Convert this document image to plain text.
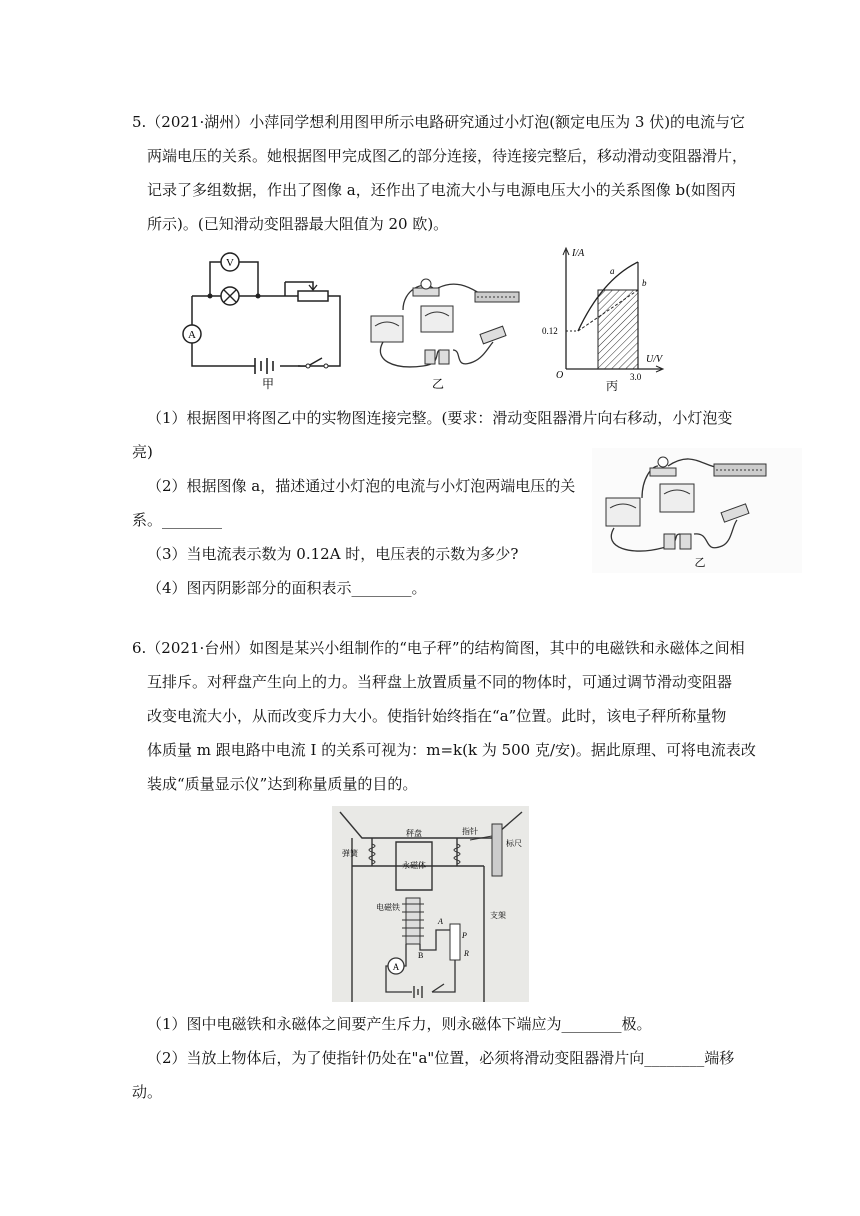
5.（2021·湖州）小萍同学想利用图甲所示电路研究通过小灯泡(额定电压为 3 伏)的电流与它
两端电压的关系。她根据图甲完成图乙的部分连接，待连接完整后，移动滑动变阻器滑片，
记录了多组数据，作出了图像 a，还作出了电流大小与电源电压大小的关系图像 b(如图丙
所示)。(已知滑动变阻器最大阻值为 20 欧)。
V
A
甲	乙
I/A
U/V
O
0.12
3.0
a
b
丙
（1）根据图甲将图乙中的实物图连接完整。(要求：滑动变阻器滑片向右移动，小灯泡变
亮)
（2）根据图像 a，描述通过小灯泡的电流与小灯泡两端电压的关
系。________
（3）当电流表示数为 0.12A 时，电压表的示数为多少?
（4）图丙阴影部分的面积表示________。
乙
6.（2021·台州）如图是某兴小组制作的“电子秤”的结构简图，其中的电磁铁和永磁体之间相
互排斥。对秤盘产生向上的力。当秤盘上放置质量不同的物体时，可通过调节滑动变阻器
改变电流大小，从而改变斥力大小。使指针始终指在“a”位置。此时，该电子秤所称量物
体质量 m 跟电路中电流 I 的关系可视为：m=k(k 为 500 克/安)。据此原理、可将电流表改
装成“质量显示仪”达到称量质量的目的。
秤盘
弹簧
永磁体
指针
标尺
电磁铁
支架
A
B
P
R
A
（1）图中电磁铁和永磁体之间要产生斥力，则永磁体下端应为________极。
（2）当放上物体后，为了使指针仍处在"a"位置，必须将滑动变阻器滑片向________端移
动。
